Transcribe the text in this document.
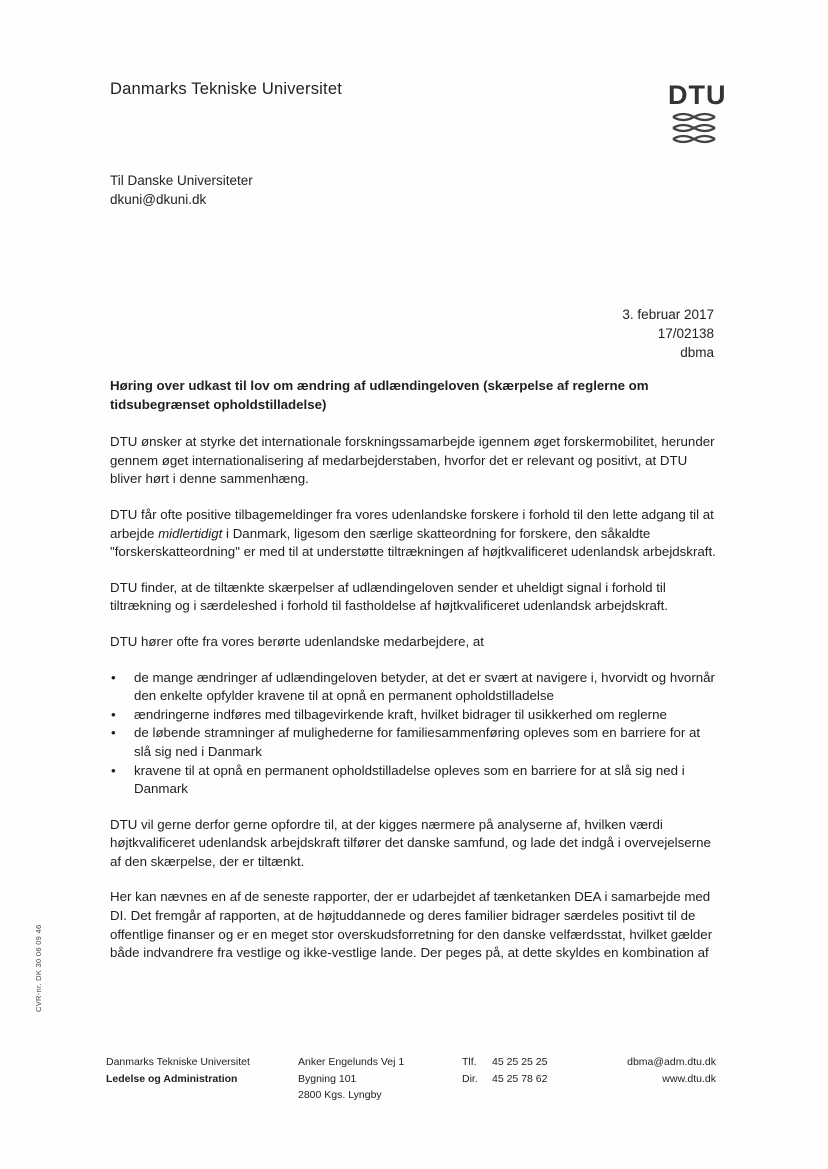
Danmarks Tekniske Universitet	DTU
Til Danske Universiteter
dkuni@dkuni.dk
3. februar 2017
17/02138
dbma

Høring over udkast til lov om ændring af udlændingeloven (skærpelse af reglerne om tidsubegrænset opholdstilladelse)

DTU ønsker at styrke det internationale forskningssamarbejde igennem øget forskermobilitet, herunder gennem øget internationalisering af medarbejderstaben, hvorfor det er relevant og positivt, at DTU bliver hørt i denne sammenhæng.

DTU får ofte positive tilbagemeldinger fra vores udenlandske forskere i forhold til den lette adgang til at arbejde midlertidigt i Danmark, ligesom den særlige skatteordning for forskere, den såkaldte "forskerskatteordning" er med til at understøtte tiltrækningen af højtkvalificeret udenlandsk arbejdskraft.

DTU finder, at de tiltænkte skærpelser af udlændingeloven sender et uheldigt signal i forhold til tiltrækning og i særdeleshed i forhold til fastholdelse af højtkvalificeret udenlandsk arbejdskraft.

DTU hører ofte fra vores berørte udenlandske medarbejdere, at

• de mange ændringer af udlændingeloven betyder, at det er svært at navigere i, hvorvidt og hvornår den enkelte opfylder kravene til at opnå en permanent opholdstilladelse
• ændringerne indføres med tilbagevirkende kraft, hvilket bidrager til usikkerhed om reglerne
• de løbende stramninger af mulighederne for familiesammenføring opleves som en barriere for at slå sig ned i Danmark
• kravene til at opnå en permanent opholdstilladelse opleves som en barriere for at slå sig ned i Danmark

DTU vil gerne derfor gerne opfordre til, at der kigges nærmere på analyserne af, hvilken værdi højtkvalificeret udenlandsk arbejdskraft tilfører det danske samfund, og lade det indgå i overvejelserne af den skærpelse, der er tiltænkt.

Her kan nævnes en af de seneste rapporter, der er udarbejdet af tænketanken DEA i samarbejde med DI. Det fremgår af rapporten, at de højtuddannede og deres familier bidrager særdeles positivt til de offentlige finanser og er en meget stor overskudsforretning for den danske velfærdsstat, hvilket gælder både indvandrere fra vestlige og ikke-vestlige lande. Der peges på, at dette skyldes en kombination af

CVR-nr. DK 30 06 09 46
Danmarks Tekniske Universitet
Ledelse og Administration
Anker Engelunds Vej 1
Bygning 101
2800 Kgs. Lyngby
Tlf. 45 25 25 25
Dir. 45 25 78 62
dbma@adm.dtu.dk
www.dtu.dk
